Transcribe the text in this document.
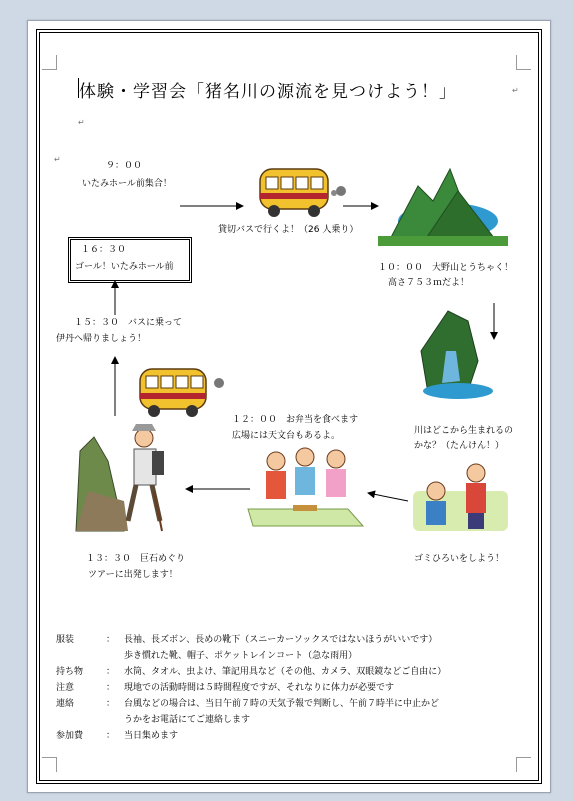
体験・学習会「猪名川の源流を見つけよう！」	↵
↵
↵
９：００
いたみホール前集合！
貸切バスで行くよ！（26 人乗り）
１０：００　大野山とうちゃく！
高さ７５３ｍだよ！
川はどこから生まれるの
かな？（たんけん！）
ゴミひろいをしよう！
１２：００　お弁当を食べます
広場には天文台もあるよ。
１３：３０　巨石めぐり
ツアーに出発します！
１５：３０　バスに乗って
伊丹へ帰りましょう！
１６：３０
ゴール！いたみホール前
服装	： 長袖、長ズボン、長めの靴下（スニーカーソックスではないほうがいいです）
歩き慣れた靴、帽子、ポケットレインコート（急な雨用）
持ち物	： 水筒、タオル、虫よけ、筆記用具など（その他、カメラ、双眼鏡などご自由に）
注意	： 現地での活動時間は５時間程度ですが、それなりに体力が必要です
連絡	： 台風などの場合は、当日午前７時の天気予報で判断し、午前７時半に中止かど
うかをお電話にてご連絡します
参加費	： 当日集めます
